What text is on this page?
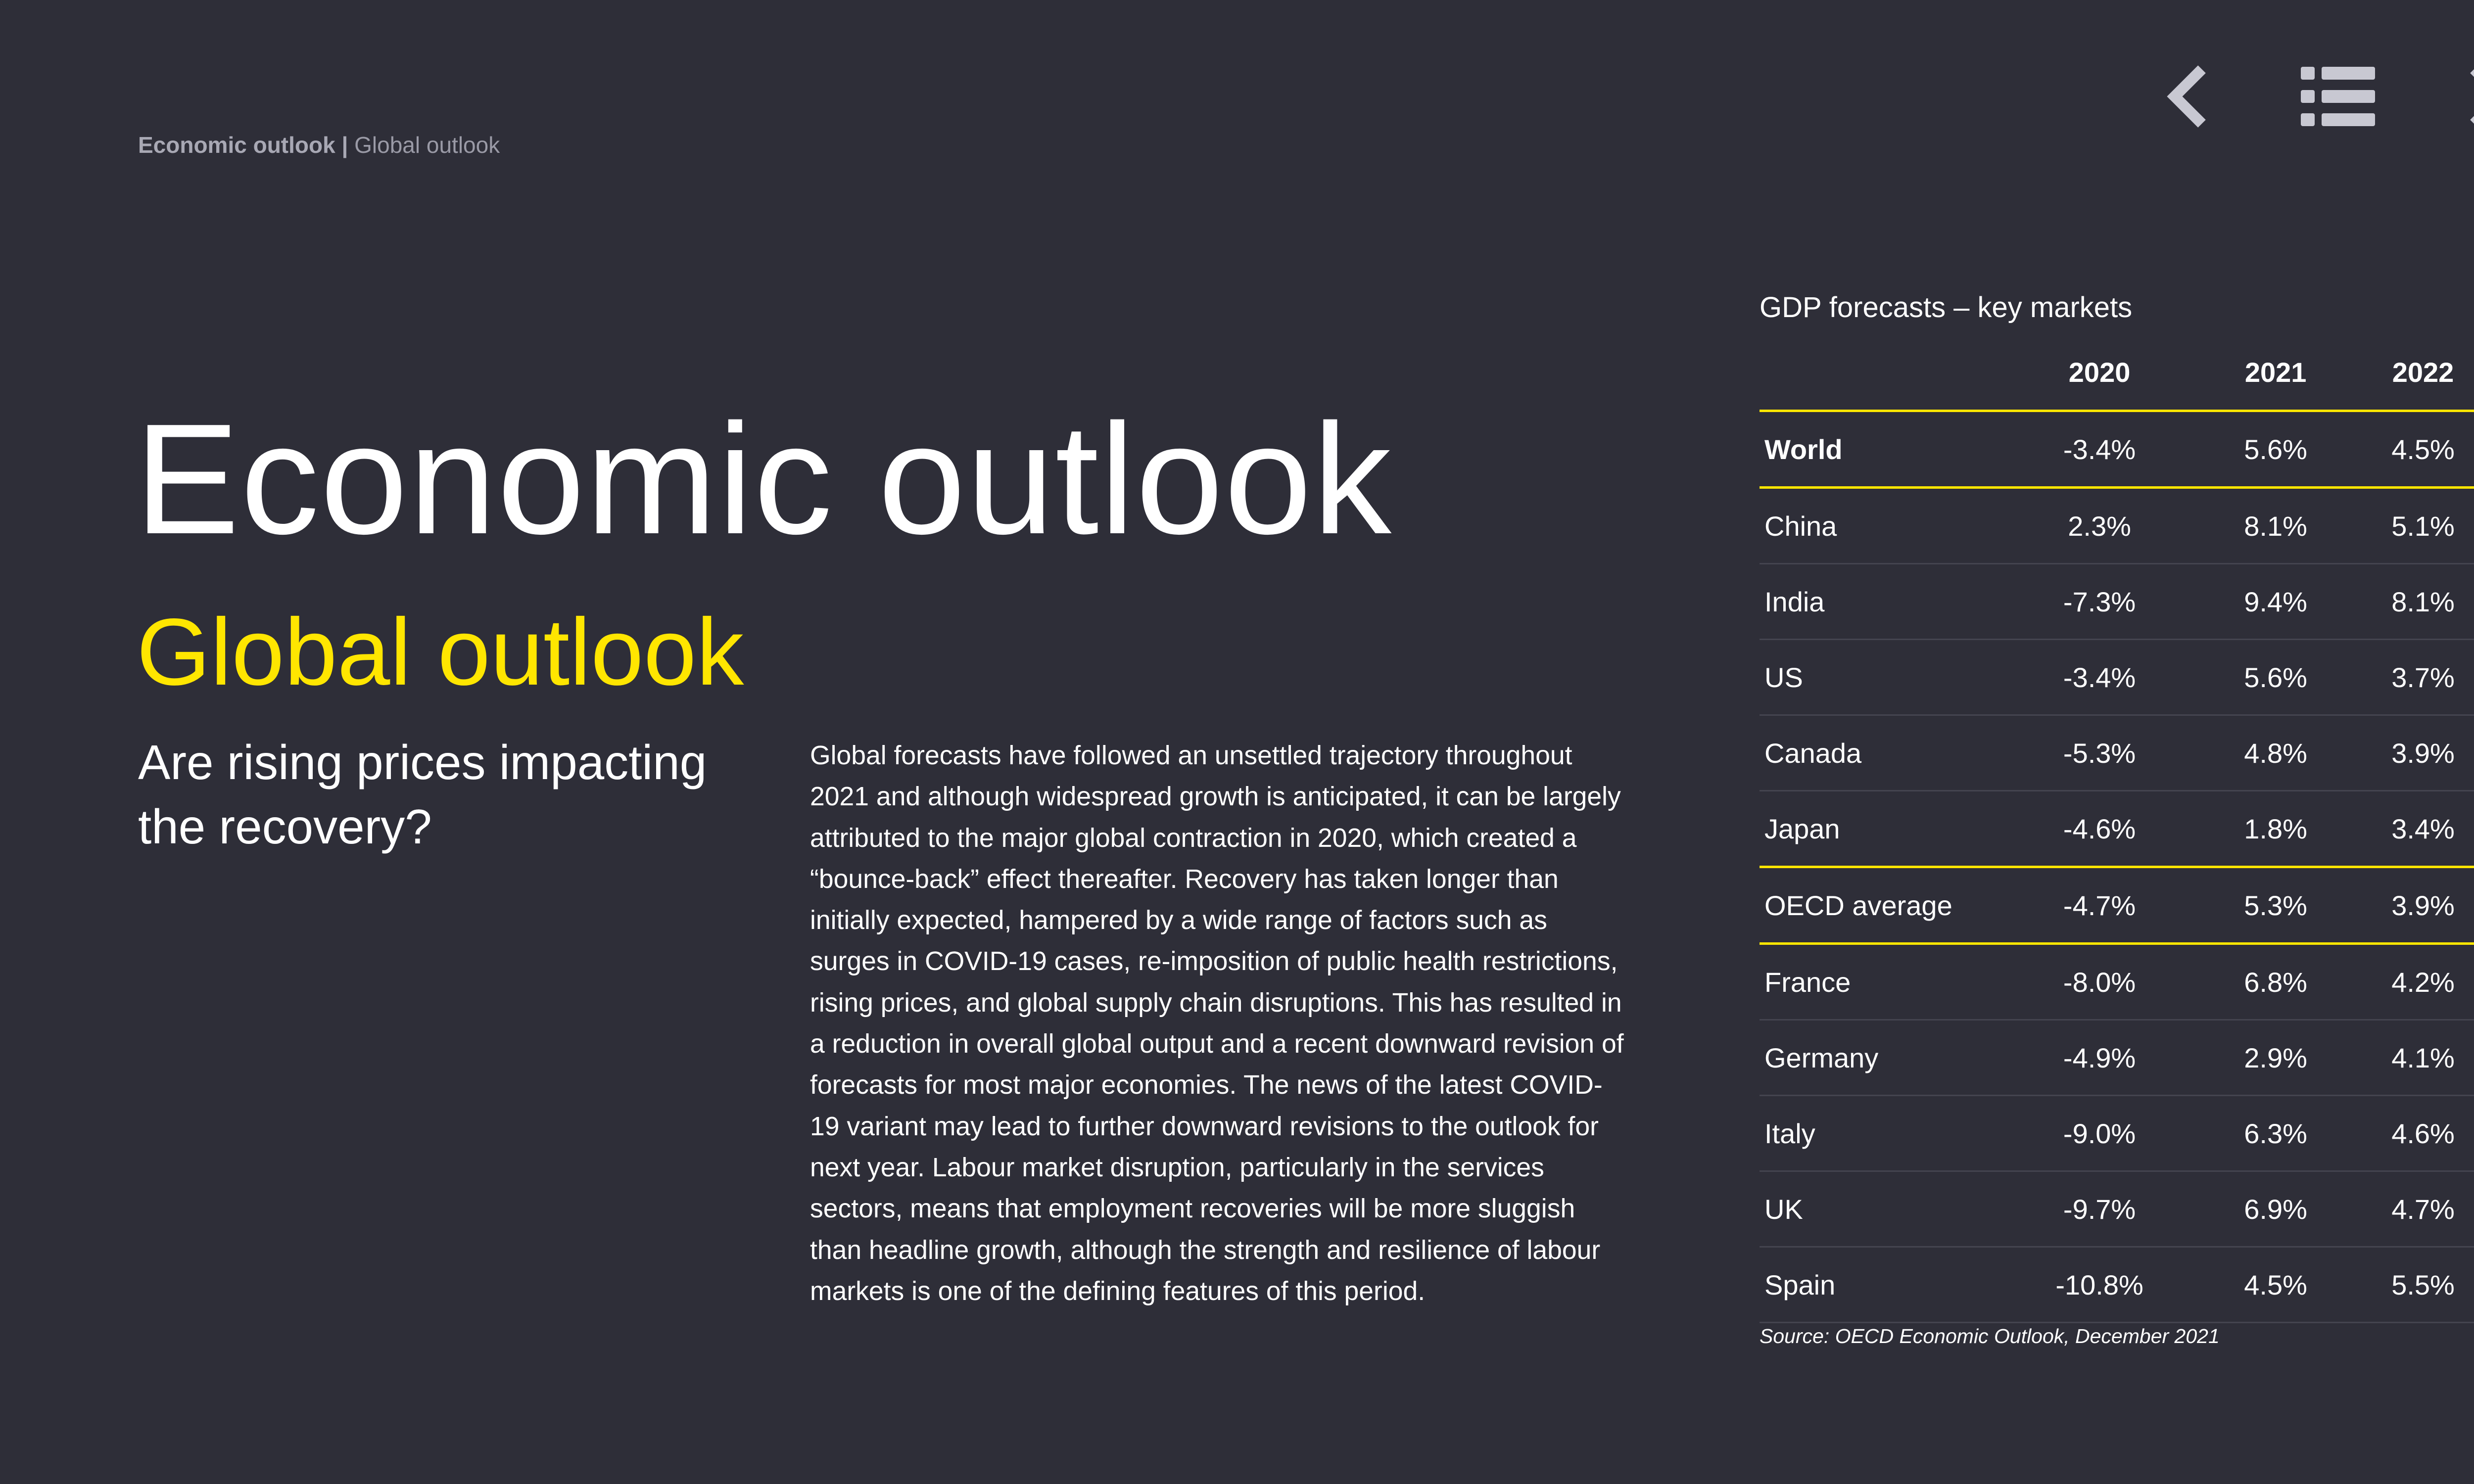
Economic outlook | Global outlook
Economic outlook
Global outlook
Are rising prices impacting the recovery?

Global forecasts have followed an unsettled trajectory throughout 2021 and although widespread growth is anticipated, it can be largely attributed to the major global contraction in 2020, which created a “bounce-back” effect thereafter. Recovery has taken longer than initially expected, hampered by a wide range of factors such as surges in COVID-19 cases, re-imposition of public health restrictions, rising prices, and global supply chain disruptions. This has resulted in a reduction in overall global output and a recent downward revision of forecasts for most major economies. The news of the latest COVID-19 variant may lead to further downward revisions to the outlook for next year. Labour market disruption, particularly in the services sectors, means that employment recoveries will be more sluggish than headline growth, although the strength and resilience of labour markets is one of the defining features of this period.

GDP forecasts – key markets
	2020	2021	2022
World	-3.4%	5.6%	4.5%
China	2.3%	8.1%	5.1%
India	-7.3%	9.4%	8.1%
US	-3.4%	5.6%	3.7%
Canada	-5.3%	4.8%	3.9%
Japan	-4.6%	1.8%	3.4%
OECD average	-4.7%	5.3%	3.9%
France	-8.0%	6.8%	4.2%
Germany	-4.9%	2.9%	4.1%
Italy	-9.0%	6.3%	4.6%
UK	-9.7%	6.9%	4.7%
Spain	-10.8%	4.5%	5.5%
Source: OECD Economic Outlook, December 2021
